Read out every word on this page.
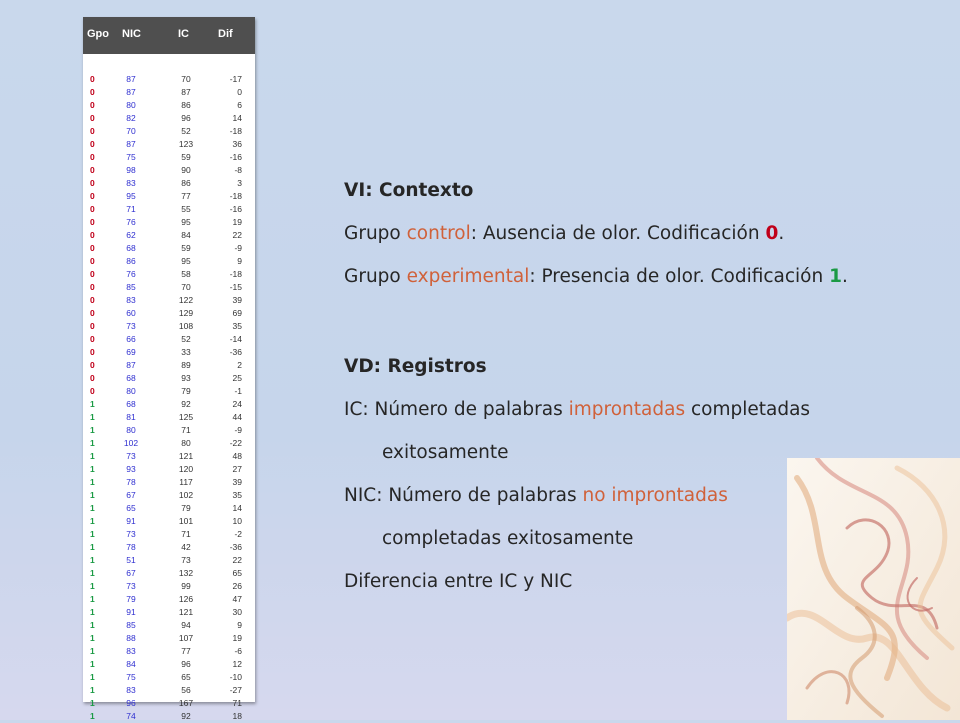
Gpo NIC	IC	Dif
0	87	70	-17
0	87	87	0
0	80	86	6
0	82	96	14
0	70	52	-18
0	87	123	36
0	75	59	-16
0	98	90	-8
0	83	86	3
0	95	77	-18
0	71	55	-16
0	76	95	19
0	62	84	22
0	68	59	-9
0	86	95	9
0	76	58	-18
0	85	70	-15
0	83	122	39
0	60	129	69
0	73	108	35
0	66	52	-14
0	69	33	-36
0	87	89	2
0	68	93	25
0	80	79	-1
1	68	92	24
1	81	125	44
1	80	71	-9
1	102	80	-22
1	73	121	48
1	93	120	27
1	78	117	39
1	67	102	35
1	65	79	14
1	91	101	10
1	73	71	-2
1	78	42	-36
1	51	73	22
1	67	132	65
1	73	99	26
1	79	126	47
1	91	121	30
1	85	94	9
1	88	107	19
1	83	77	-6
1	84	96	12
1	75	65	-10
1	83	56	-27
1	96	167	71
1	74	92	18
VI: Contexto
Grupo control: Ausencia de olor. Codificación 0.
Grupo experimental: Presencia de olor. Codificación 1.
VD: Registros
IC: Número de palabras improntadas completadas
exitosamente
NIC: Número de palabras no improntadas
completadas exitosamente
Diferencia entre IC y NIC
